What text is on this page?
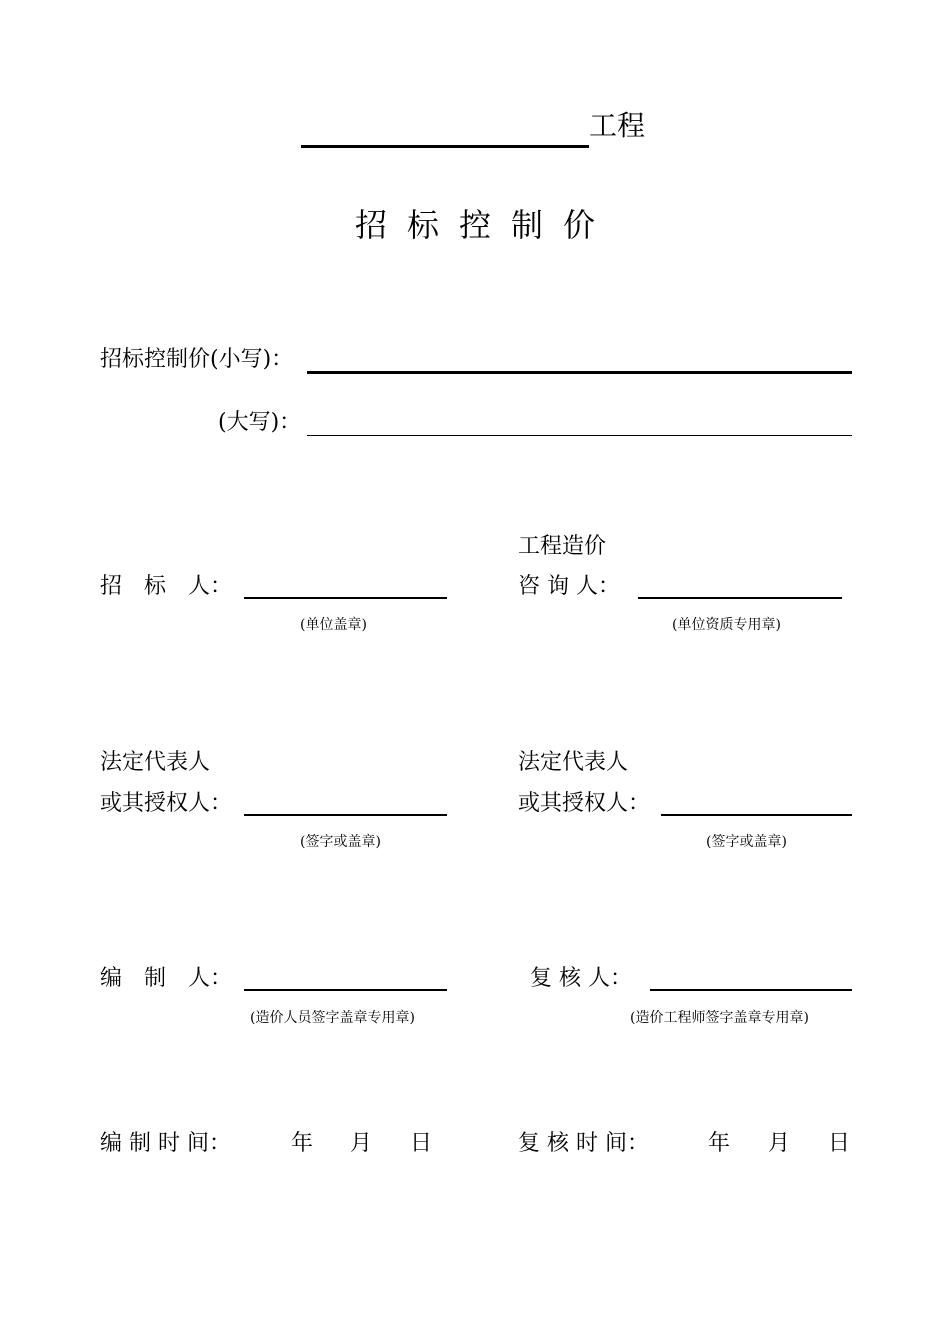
工程
招标控制价
招标控制价(小写)：
(大写)：
招　标　人：
(单位盖章)
工程造价
咨 询 人：
(单位资质专用章)
法定代表人
或其授权人：
(签字或盖章)
法定代表人
或其授权人：
(签字或盖章)
编　制　人：
(造价人员签字盖章专用章)
复 核 人：
(造价工程师签字盖章专用章)
编 制 时 间：	年 月 日	复 核 时 间：	年 月 日
